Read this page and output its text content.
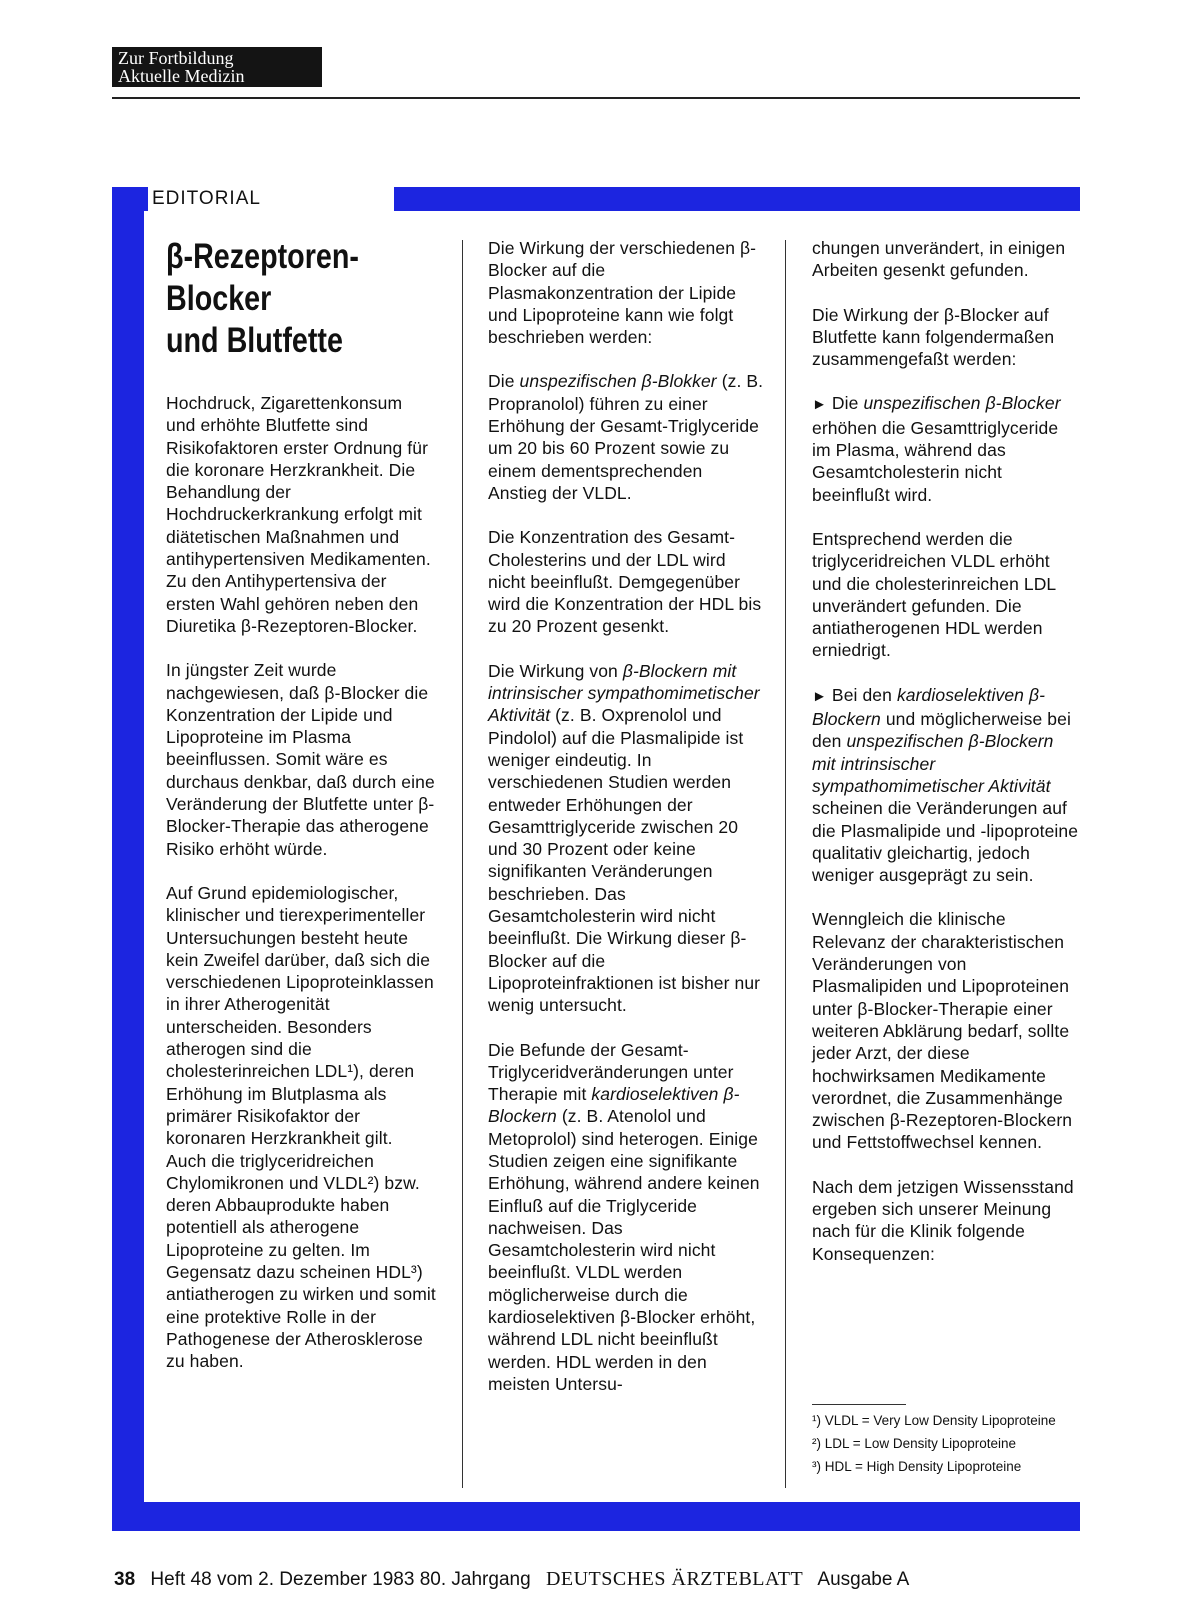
Zur Fortbildung
Aktuelle Medizin
EDITORIAL
β-Rezeptoren-
Blocker
und Blutfette

Hochdruck, Zigarettenkonsum und erhöhte Blutfette sind Risikofaktoren erster Ordnung für die koronare Herzkrankheit. Die Behandlung der Hochdruckerkrankung erfolgt mit diätetischen Maßnahmen und antihypertensiven Medikamenten. Zu den Antihypertensiva der ersten Wahl gehören neben den Diuretika β-Rezeptoren-Blocker.

In jüngster Zeit wurde nachgewiesen, daß β-Blocker die Konzentration der Lipide und Lipoproteine im Plasma beeinflussen. Somit wäre es durchaus denkbar, daß durch eine Veränderung der Blutfette unter β-Blocker-Therapie das atherogene Risiko erhöht würde.

Auf Grund epidemiologischer, klinischer und tierexperimenteller Untersuchungen besteht heute kein Zweifel darüber, daß sich die verschiedenen Lipoproteinklassen in ihrer Atherogenität unterscheiden. Besonders atherogen sind die cholesterinreichen LDL¹), deren Erhöhung im Blutplasma als primärer Risikofaktor der koronaren Herzkrankheit gilt. Auch die triglyceridreichen Chylomikronen und VLDL²) bzw. deren Abbauprodukte haben potentiell als atherogene Lipoproteine zu gelten. Im Gegensatz dazu scheinen HDL³) antiatherogen zu wirken und somit eine protektive Rolle in der Pathogenese der Atherosklerose zu haben.

Die Wirkung der verschiedenen β-Blocker auf die Plasmakonzentration der Lipide und Lipoproteine kann wie folgt beschrieben werden:

Die unspezifischen β-Blokker (z. B. Propranolol) führen zu einer Erhöhung der Gesamt-Triglyceride um 20 bis 60 Prozent sowie zu einem dementsprechenden Anstieg der VLDL.

Die Konzentration des Gesamt-Cholesterins und der LDL wird nicht beeinflußt. Demgegenüber wird die Konzentration der HDL bis zu 20 Prozent gesenkt.

Die Wirkung von β-Blockern mit intrinsischer sympathomimetischer Aktivität (z. B. Oxprenolol und Pindolol) auf die Plasmalipide ist weniger eindeutig. In verschiedenen Studien werden entweder Erhöhungen der Gesamttriglyceride zwischen 20 und 30 Prozent oder keine signifikanten Veränderungen beschrieben. Das Gesamtcholesterin wird nicht beeinflußt. Die Wirkung dieser β-Blocker auf die Lipoproteinfraktionen ist bisher nur wenig untersucht.

Die Befunde der Gesamt-Triglyceridveränderungen unter Therapie mit kardioselektiven β-Blockern (z. B. Atenolol und Metoprolol) sind heterogen. Einige Studien zeigen eine signifikante Erhöhung, während andere keinen Einfluß auf die Triglyceride nachweisen. Das Gesamtcholesterin wird nicht beeinflußt. VLDL werden möglicherweise durch die kardioselektiven β-Blocker erhöht, während LDL nicht beeinflußt werden. HDL werden in den meisten Untersu-

chungen unverändert, in einigen Arbeiten gesenkt gefunden.

Die Wirkung der β-Blocker auf Blutfette kann folgendermaßen zusammengefaßt werden:

► Die unspezifischen β-Blocker erhöhen die Gesamttriglyceride im Plasma, während das Gesamtcholesterin nicht beeinflußt wird.

Entsprechend werden die triglyceridreichen VLDL erhöht und die cholesterinreichen LDL unverändert gefunden. Die antiatherogenen HDL werden erniedrigt.

► Bei den kardioselektiven β-Blockern und möglicherweise bei den unspezifischen β-Blockern mit intrinsischer sympathomimetischer Aktivität scheinen die Veränderungen auf die Plasmalipide und -lipoproteine qualitativ gleichartig, jedoch weniger ausgeprägt zu sein.

Wenngleich die klinische Relevanz der charakteristischen Veränderungen von Plasmalipiden und Lipoproteinen unter β-Blocker-Therapie einer weiteren Abklärung bedarf, sollte jeder Arzt, der diese hochwirksamen Medikamente verordnet, die Zusammenhänge zwischen β-Rezeptoren-Blockern und Fettstoffwechsel kennen.

Nach dem jetzigen Wissensstand ergeben sich unserer Meinung nach für die Klinik folgende Konsequenzen:

¹) VLDL = Very Low Density Lipoproteine
²) LDL = Low Density Lipoproteine
³) HDL = High Density Lipoproteine
38 Heft 48 vom 2. Dezember 1983 80. Jahrgang DEUTSCHES ÄRZTEBLATT Ausgabe A
